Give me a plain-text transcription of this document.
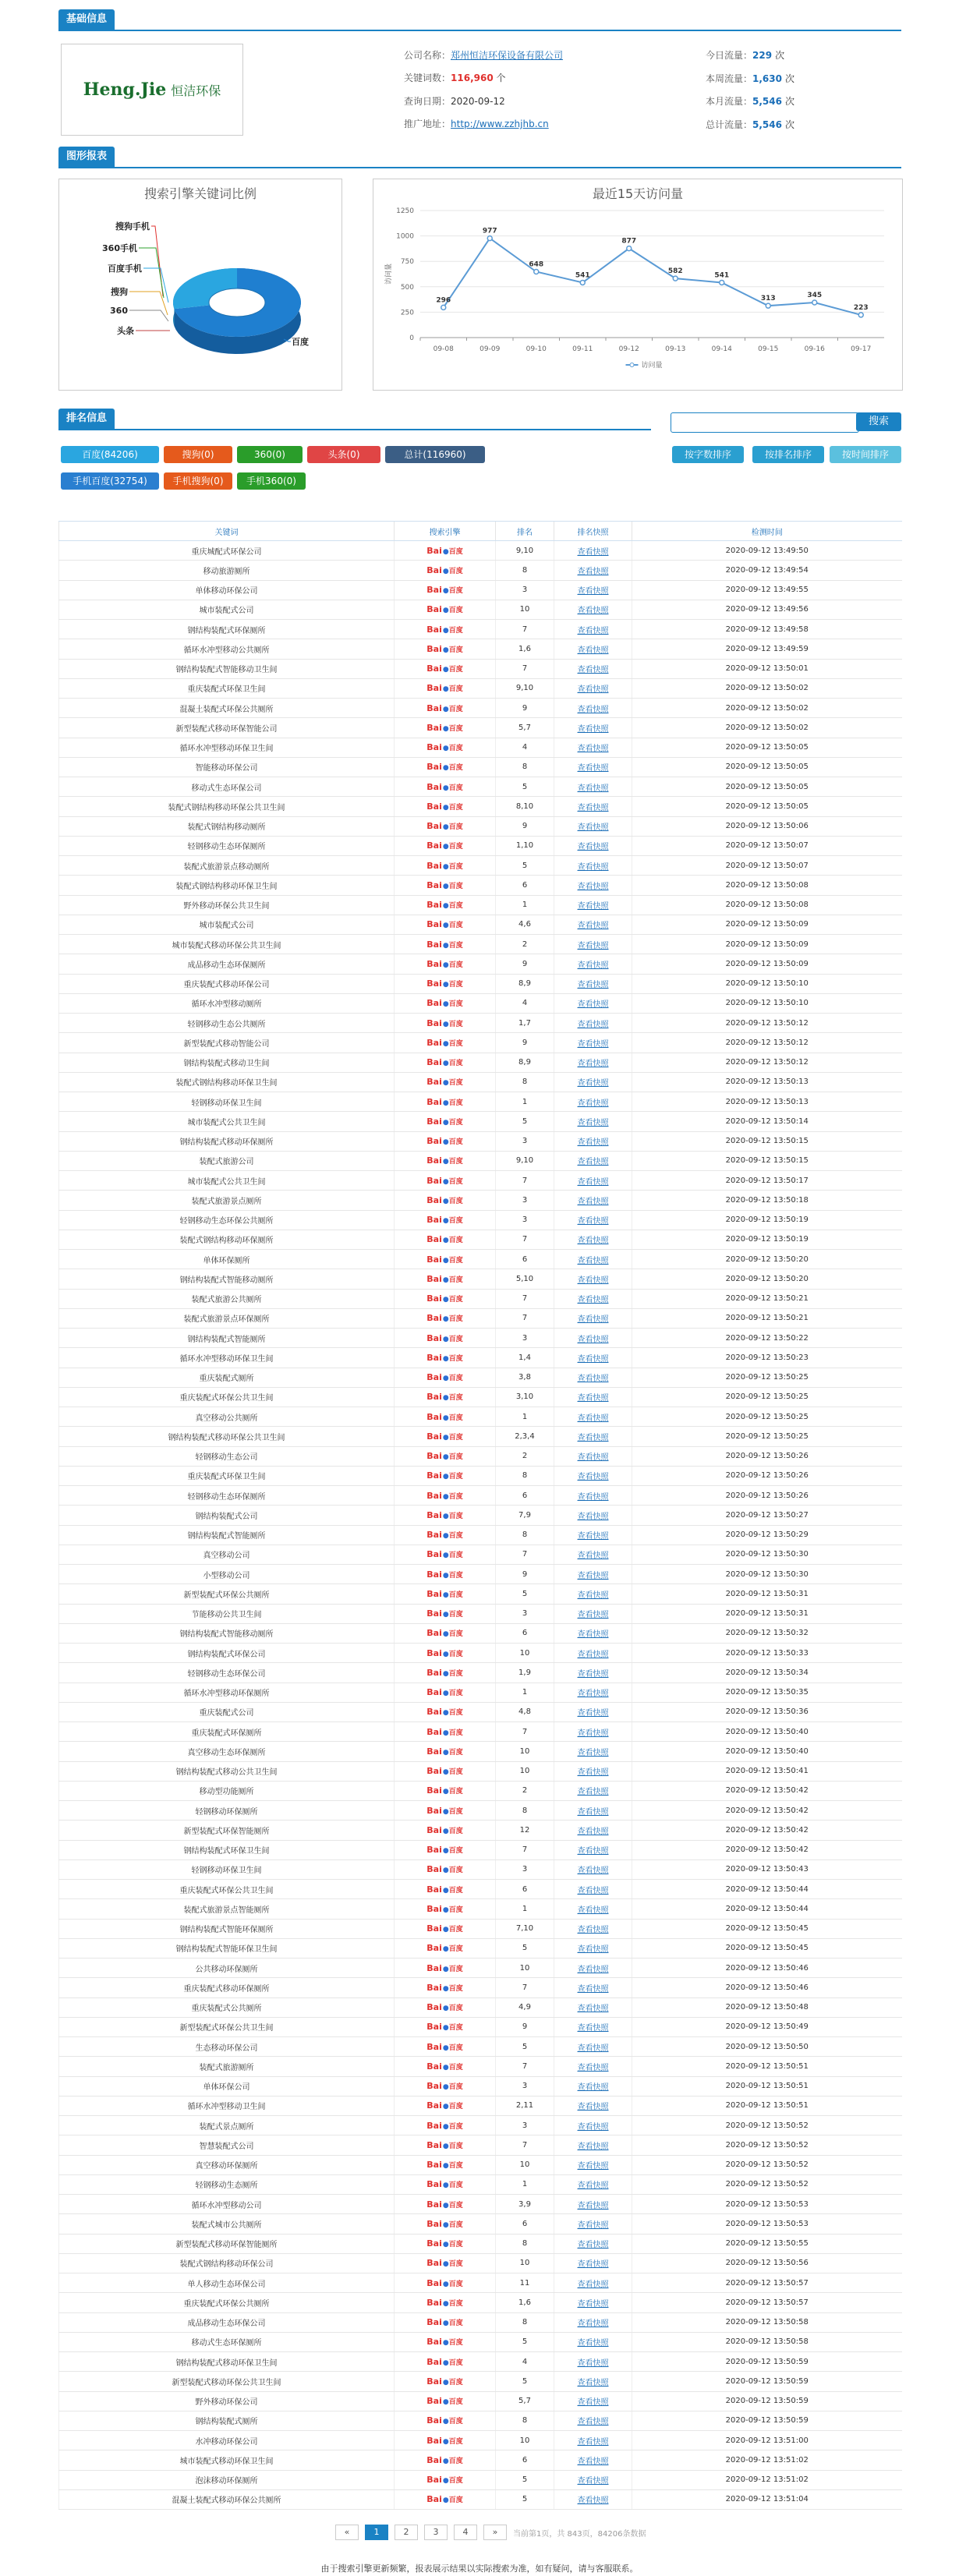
基础信息
Heng.Jie 恒洁环保
公司名称：郑州恒洁环保设备有限公司
关键词数：116,960 个
查询日期：2020-09-12
推广地址：http://www.zzhjhb.cn
今日流量：229 次
本周流量：1,630 次
本月流量：5,546 次
总计流量：5,546 次
图形报表
搜索引擎关键词比例
百度
搜狗手机
360手机
百度手机
搜狗
360
头条
最近15天访问量
0
250
500
750
1000
1250
09-08	09-09	09-10	09-11	09-12	09-13	09-14	09-15	09-16	09-17
访问量
296
977
648
541
877
582
541
313	345
223
访问量
排名信息	搜索
百度(84206)	搜狗(0)	360(0)	头条(0)	总计(116960)
手机百度(32754)	手机搜狗(0)	手机360(0)
按字数排序	按排名排序	按时间排序
关键词	搜索引擎	排名	排名快照	检测时间
重庆城配式环保公司	Bai●百度	9,10	查看快照	2020-09-12 13:49:50
移动旅游厕所	Bai●百度	8	查看快照	2020-09-12 13:49:54
单体移动环保公司	Bai●百度	3	查看快照	2020-09-12 13:49:55
城市装配式公司	Bai●百度	10	查看快照	2020-09-12 13:49:56
钢结构装配式环保厕所	Bai●百度	7	查看快照	2020-09-12 13:49:58
循环水冲型移动公共厕所	Bai●百度	1,6	查看快照	2020-09-12 13:49:59
钢结构装配式智能移动卫生间	Bai●百度	7	查看快照	2020-09-12 13:50:01
重庆装配式环保卫生间	Bai●百度	9,10	查看快照	2020-09-12 13:50:02
混凝土装配式环保公共厕所	Bai●百度	9	查看快照	2020-09-12 13:50:02
新型装配式移动环保智能公司	Bai●百度	5,7	查看快照	2020-09-12 13:50:02
循环水冲型移动环保卫生间	Bai●百度	4	查看快照	2020-09-12 13:50:05
智能移动环保公司	Bai●百度	8	查看快照	2020-09-12 13:50:05
移动式生态环保公司	Bai●百度	5	查看快照	2020-09-12 13:50:05
装配式钢结构移动环保公共卫生间	Bai●百度	8,10	查看快照	2020-09-12 13:50:05
装配式钢结构移动厕所	Bai●百度	9	查看快照	2020-09-12 13:50:06
轻钢移动生态环保厕所	Bai●百度	1,10	查看快照	2020-09-12 13:50:07
装配式旅游景点移动厕所	Bai●百度	5	查看快照	2020-09-12 13:50:07
装配式钢结构移动环保卫生间	Bai●百度	6	查看快照	2020-09-12 13:50:08
野外移动环保公共卫生间	Bai●百度	1	查看快照	2020-09-12 13:50:08
城市装配式公司	Bai●百度	4,6	查看快照	2020-09-12 13:50:09
城市装配式移动环保公共卫生间	Bai●百度	2	查看快照	2020-09-12 13:50:09
成品移动生态环保厕所	Bai●百度	9	查看快照	2020-09-12 13:50:09
重庆装配式移动环保公司	Bai●百度	8,9	查看快照	2020-09-12 13:50:10
循环水冲型移动厕所	Bai●百度	4	查看快照	2020-09-12 13:50:10
轻钢移动生态公共厕所	Bai●百度	1,7	查看快照	2020-09-12 13:50:12
新型装配式移动智能公司	Bai●百度	9	查看快照	2020-09-12 13:50:12
钢结构装配式移动卫生间	Bai●百度	8,9	查看快照	2020-09-12 13:50:12
装配式钢结构移动环保卫生间	Bai●百度	8	查看快照	2020-09-12 13:50:13
轻钢移动环保卫生间	Bai●百度	1	查看快照	2020-09-12 13:50:13
城市装配式公共卫生间	Bai●百度	5	查看快照	2020-09-12 13:50:14
钢结构装配式移动环保厕所	Bai●百度	3	查看快照	2020-09-12 13:50:15
装配式旅游公司	Bai●百度	9,10	查看快照	2020-09-12 13:50:15
城市装配式公共卫生间	Bai●百度	7	查看快照	2020-09-12 13:50:17
装配式旅游景点厕所	Bai●百度	3	查看快照	2020-09-12 13:50:18
轻钢移动生态环保公共厕所	Bai●百度	3	查看快照	2020-09-12 13:50:19
装配式钢结构移动环保厕所	Bai●百度	7	查看快照	2020-09-12 13:50:19
单体环保厕所	Bai●百度	6	查看快照	2020-09-12 13:50:20
钢结构装配式智能移动厕所	Bai●百度	5,10	查看快照	2020-09-12 13:50:20
装配式旅游公共厕所	Bai●百度	7	查看快照	2020-09-12 13:50:21
装配式旅游景点环保厕所	Bai●百度	7	查看快照	2020-09-12 13:50:21
钢结构装配式智能厕所	Bai●百度	3	查看快照	2020-09-12 13:50:22
循环水冲型移动环保卫生间	Bai●百度	1,4	查看快照	2020-09-12 13:50:23
重庆装配式厕所	Bai●百度	3,8	查看快照	2020-09-12 13:50:25
重庆装配式环保公共卫生间	Bai●百度	3,10	查看快照	2020-09-12 13:50:25
真空移动公共厕所	Bai●百度	1	查看快照	2020-09-12 13:50:25
钢结构装配式移动环保公共卫生间	Bai●百度	2,3,4	查看快照	2020-09-12 13:50:25
轻钢移动生态公司	Bai●百度	2	查看快照	2020-09-12 13:50:26
重庆装配式环保卫生间	Bai●百度	8	查看快照	2020-09-12 13:50:26
轻钢移动生态环保厕所	Bai●百度	6	查看快照	2020-09-12 13:50:26
钢结构装配式公司	Bai●百度	7,9	查看快照	2020-09-12 13:50:27
钢结构装配式智能厕所	Bai●百度	8	查看快照	2020-09-12 13:50:29
真空移动公司	Bai●百度	7	查看快照	2020-09-12 13:50:30
小型移动公司	Bai●百度	9	查看快照	2020-09-12 13:50:30
新型装配式环保公共厕所	Bai●百度	5	查看快照	2020-09-12 13:50:31
节能移动公共卫生间	Bai●百度	3	查看快照	2020-09-12 13:50:31
钢结构装配式智能移动厕所	Bai●百度	6	查看快照	2020-09-12 13:50:32
钢结构装配式环保公司	Bai●百度	10	查看快照	2020-09-12 13:50:33
轻钢移动生态环保公司	Bai●百度	1,9	查看快照	2020-09-12 13:50:34
循环水冲型移动环保厕所	Bai●百度	1	查看快照	2020-09-12 13:50:35
重庆装配式公司	Bai●百度	4,8	查看快照	2020-09-12 13:50:36
重庆装配式环保厕所	Bai●百度	7	查看快照	2020-09-12 13:50:40
真空移动生态环保厕所	Bai●百度	10	查看快照	2020-09-12 13:50:40
钢结构装配式移动公共卫生间	Bai●百度	10	查看快照	2020-09-12 13:50:41
移动型功能厕所	Bai●百度	2	查看快照	2020-09-12 13:50:42
轻钢移动环保厕所	Bai●百度	8	查看快照	2020-09-12 13:50:42
新型装配式环保智能厕所	Bai●百度	12	查看快照	2020-09-12 13:50:42
钢结构装配式环保卫生间	Bai●百度	7	查看快照	2020-09-12 13:50:42
轻钢移动环保卫生间	Bai●百度	3	查看快照	2020-09-12 13:50:43
重庆装配式环保公共卫生间	Bai●百度	6	查看快照	2020-09-12 13:50:44
装配式旅游景点智能厕所	Bai●百度	1	查看快照	2020-09-12 13:50:44
钢结构装配式智能环保厕所	Bai●百度	7,10	查看快照	2020-09-12 13:50:45
钢结构装配式智能环保卫生间	Bai●百度	5	查看快照	2020-09-12 13:50:45
公共移动环保厕所	Bai●百度	10	查看快照	2020-09-12 13:50:46
重庆装配式移动环保厕所	Bai●百度	7	查看快照	2020-09-12 13:50:46
重庆装配式公共厕所	Bai●百度	4,9	查看快照	2020-09-12 13:50:48
新型装配式环保公共卫生间	Bai●百度	9	查看快照	2020-09-12 13:50:49
生态移动环保公司	Bai●百度	5	查看快照	2020-09-12 13:50:50
装配式旅游厕所	Bai●百度	7	查看快照	2020-09-12 13:50:51
单体环保公司	Bai●百度	3	查看快照	2020-09-12 13:50:51
循环水冲型移动卫生间	Bai●百度	2,11	查看快照	2020-09-12 13:50:51
装配式景点厕所	Bai●百度	3	查看快照	2020-09-12 13:50:52
智慧装配式公司	Bai●百度	7	查看快照	2020-09-12 13:50:52
真空移动环保厕所	Bai●百度	10	查看快照	2020-09-12 13:50:52
轻钢移动生态厕所	Bai●百度	1	查看快照	2020-09-12 13:50:52
循环水冲型移动公司	Bai●百度	3,9	查看快照	2020-09-12 13:50:53
装配式城市公共厕所	Bai●百度	6	查看快照	2020-09-12 13:50:53
新型装配式移动环保智能厕所	Bai●百度	8	查看快照	2020-09-12 13:50:55
装配式钢结构移动环保公司	Bai●百度	10	查看快照	2020-09-12 13:50:56
单人移动生态环保公司	Bai●百度	11	查看快照	2020-09-12 13:50:57
重庆装配式环保公共厕所	Bai●百度	1,6	查看快照	2020-09-12 13:50:57
成品移动生态环保公司	Bai●百度	8	查看快照	2020-09-12 13:50:58
移动式生态环保厕所	Bai●百度	5	查看快照	2020-09-12 13:50:58
钢结构装配式移动环保卫生间	Bai●百度	4	查看快照	2020-09-12 13:50:59
新型装配式移动环保公共卫生间	Bai●百度	5	查看快照	2020-09-12 13:50:59
野外移动环保公司	Bai●百度	5,7	查看快照	2020-09-12 13:50:59
钢结构装配式厕所	Bai●百度	8	查看快照	2020-09-12 13:50:59
水冲移动环保公司	Bai●百度	10	查看快照	2020-09-12 13:51:00
城市装配式移动环保卫生间	Bai●百度	6	查看快照	2020-09-12 13:51:02
泡沫移动环保厕所	Bai●百度	5	查看快照	2020-09-12 13:51:02
混凝土装配式移动环保公共厕所	Bai●百度	5	查看快照	2020-09-12 13:51:04
«	1	2	3	4	»	当前第1页，共 843页，84206条数据
由于搜索引擎更新频繁，报表展示结果以实际搜索为准，如有疑问，请与客服联系。
